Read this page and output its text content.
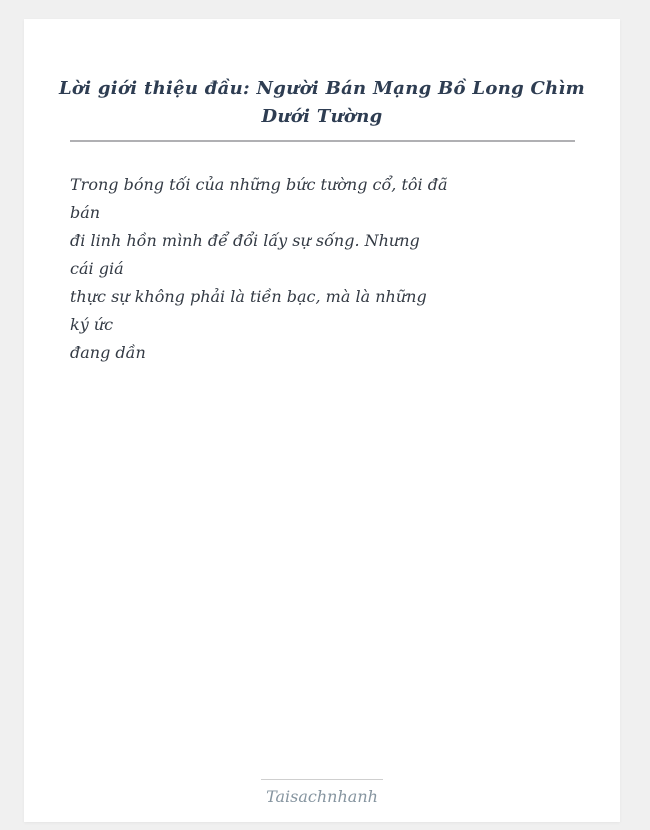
Lời giới thiệu đầu: Người Bán Mạng Bồ Long Chìm Dưới Tường
Trong bóng tối của những bức tường cổ, tôi đã
bán
đi linh hồn mình để đổi lấy sự sống. Nhưng
cái giá
thực sự không phải là tiền bạc, mà là những
ký ức
đang dần
Taisachnhanh
